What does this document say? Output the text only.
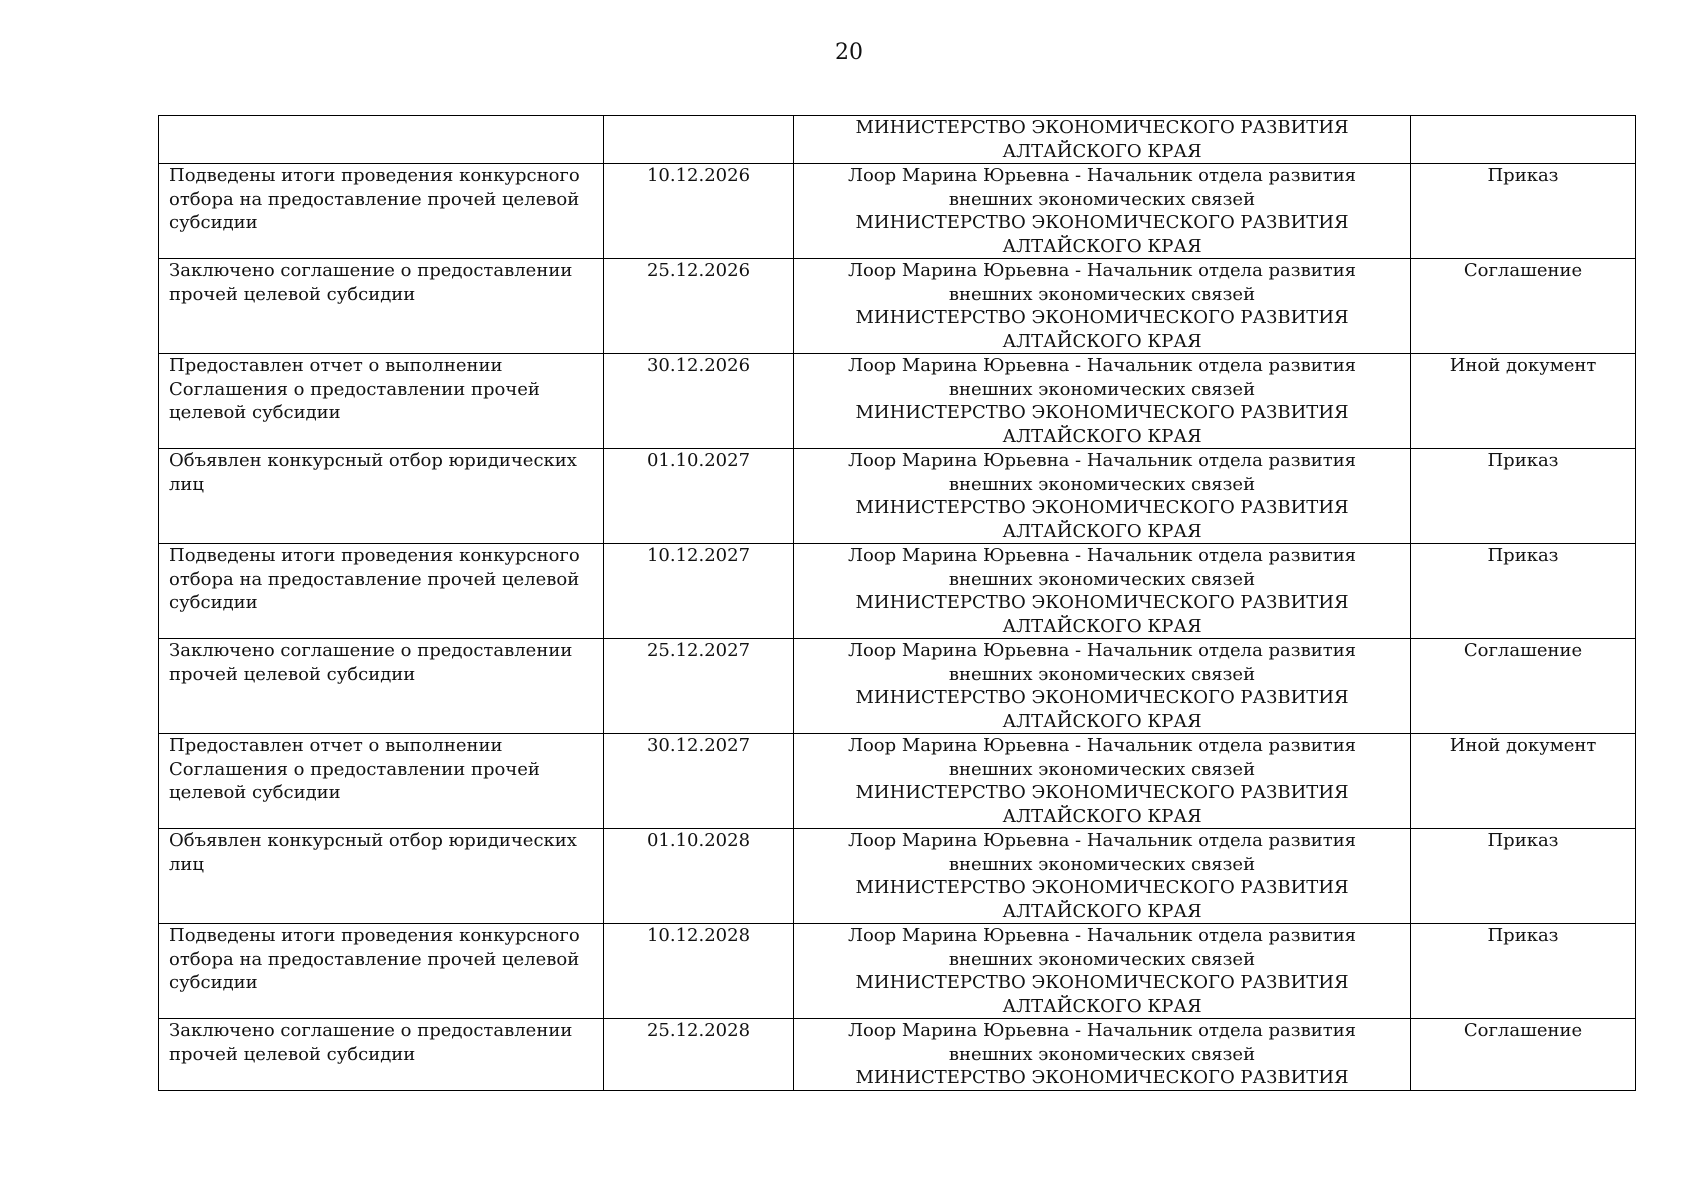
20

		МИНИСТЕРСТВО ЭКОНОМИЧЕСКОГО РАЗВИТИЯ
АЛТАЙСКОГО КРАЯ	

Подведены итоги проведения конкурсного отбора на предоставление прочей целевой субсидии	10.12.2026	Лоор Марина Юрьевна - Начальник отдела развития внешних экономических связей
МИНИСТЕРСТВО ЭКОНОМИЧЕСКОГО РАЗВИТИЯ
АЛТАЙСКОГО КРАЯ	Приказ
Заключено соглашение о предоставлении прочей целевой субсидии	25.12.2026	Лоор Марина Юрьевна - Начальник отдела развития внешних экономических связей
МИНИСТЕРСТВО ЭКОНОМИЧЕСКОГО РАЗВИТИЯ
АЛТАЙСКОГО КРАЯ	Соглашение
Предоставлен отчет о выполнении Соглашения о предоставлении прочей целевой субсидии	30.12.2026	Лоор Марина Юрьевна - Начальник отдела развития внешних экономических связей
МИНИСТЕРСТВО ЭКОНОМИЧЕСКОГО РАЗВИТИЯ
АЛТАЙСКОГО КРАЯ	Иной документ
Объявлен конкурсный отбор юридических лиц	01.10.2027	Лоор Марина Юрьевна - Начальник отдела развития внешних экономических связей
МИНИСТЕРСТВО ЭКОНОМИЧЕСКОГО РАЗВИТИЯ
АЛТАЙСКОГО КРАЯ	Приказ
Подведены итоги проведения конкурсного отбора на предоставление прочей целевой субсидии	10.12.2027	Лоор Марина Юрьевна - Начальник отдела развития внешних экономических связей
МИНИСТЕРСТВО ЭКОНОМИЧЕСКОГО РАЗВИТИЯ
АЛТАЙСКОГО КРАЯ	Приказ
Заключено соглашение о предоставлении прочей целевой субсидии	25.12.2027	Лоор Марина Юрьевна - Начальник отдела развития внешних экономических связей
МИНИСТЕРСТВО ЭКОНОМИЧЕСКОГО РАЗВИТИЯ
АЛТАЙСКОГО КРАЯ	Соглашение
Предоставлен отчет о выполнении Соглашения о предоставлении прочей целевой субсидии	30.12.2027	Лоор Марина Юрьевна - Начальник отдела развития внешних экономических связей
МИНИСТЕРСТВО ЭКОНОМИЧЕСКОГО РАЗВИТИЯ
АЛТАЙСКОГО КРАЯ	Иной документ
Объявлен конкурсный отбор юридических лиц	01.10.2028	Лоор Марина Юрьевна - Начальник отдела развития внешних экономических связей
МИНИСТЕРСТВО ЭКОНОМИЧЕСКОГО РАЗВИТИЯ
АЛТАЙСКОГО КРАЯ	Приказ
Подведены итоги проведения конкурсного отбора на предоставление прочей целевой субсидии	10.12.2028	Лоор Марина Юрьевна - Начальник отдела развития внешних экономических связей
МИНИСТЕРСТВО ЭКОНОМИЧЕСКОГО РАЗВИТИЯ
АЛТАЙСКОГО КРАЯ	Приказ
Заключено соглашение о предоставлении прочей целевой субсидии	25.12.2028	Лоор Марина Юрьевна - Начальник отдела развития внешних экономических связей
МИНИСТЕРСТВО ЭКОНОМИЧЕСКОГО РАЗВИТИЯ	Соглашение
